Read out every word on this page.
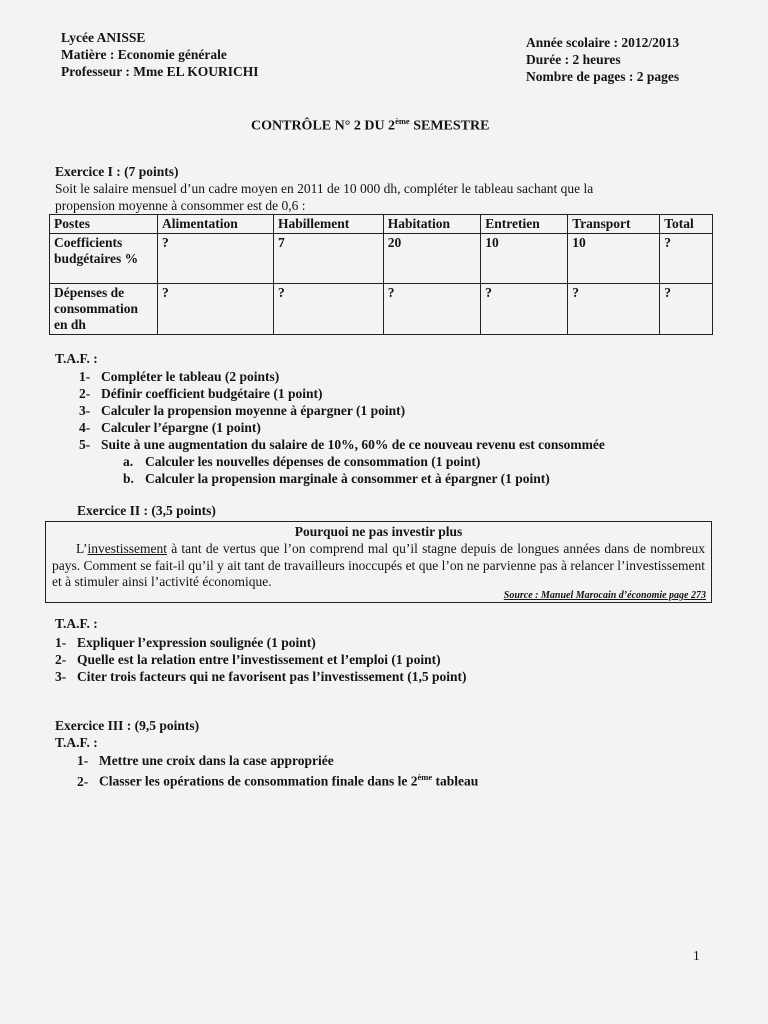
Lycée ANISSE
Matière : Economie générale
Professeur : Mme EL KOURICHI
Année scolaire : 2012/2013
Durée : 2 heures
Nombre de pages : 2 pages
CONTRÔLE N° 2 DU 2ème SEMESTRE
Exercice I : (7 points)
Soit le salaire mensuel d’un cadre moyen en 2011 de 10 000 dh, compléter le tableau sachant que la
propension moyenne à consommer est de 0,6 :
Postes	Alimentation	Habillement	Habitation	Entretien	Transport	Total
Coefficients budgétaires %	?	7	20	10	10	?
Dépenses de consommation en dh	?	?	?	?	?	?
T.A.F. :
1- Compléter le tableau (2 points)
2- Définir coefficient budgétaire (1 point)
3- Calculer la propension moyenne à épargner (1 point)
4- Calculer l’épargne (1 point)
5- Suite à une augmentation du salaire de 10%, 60% de ce nouveau revenu est consommée
a. Calculer les nouvelles dépenses de consommation (1 point)
b. Calculer la propension marginale à consommer et à épargner (1 point)
Exercice II : (3,5 points)
Pourquoi ne pas investir plus
L’investissement à tant de vertus que l’on comprend mal qu’il stagne depuis de longues années dans de nombreux pays. Comment se fait-il qu’il y ait tant de travailleurs inoccupés et que l’on ne parvienne pas à relancer l’investissement et à stimuler ainsi l’activité économique.
Source : Manuel Marocain d’économie page 273
T.A.F. :
1- Expliquer l’expression soulignée (1 point)
2- Quelle est la relation entre l’investissement et l’emploi (1 point)
3- Citer trois facteurs qui ne favorisent pas l’investissement (1,5 point)
Exercice III : (9,5 points)
T.A.F. :
1- Mettre une croix dans la case appropriée
2- Classer les opérations de consommation finale dans le 2ème tableau
1
